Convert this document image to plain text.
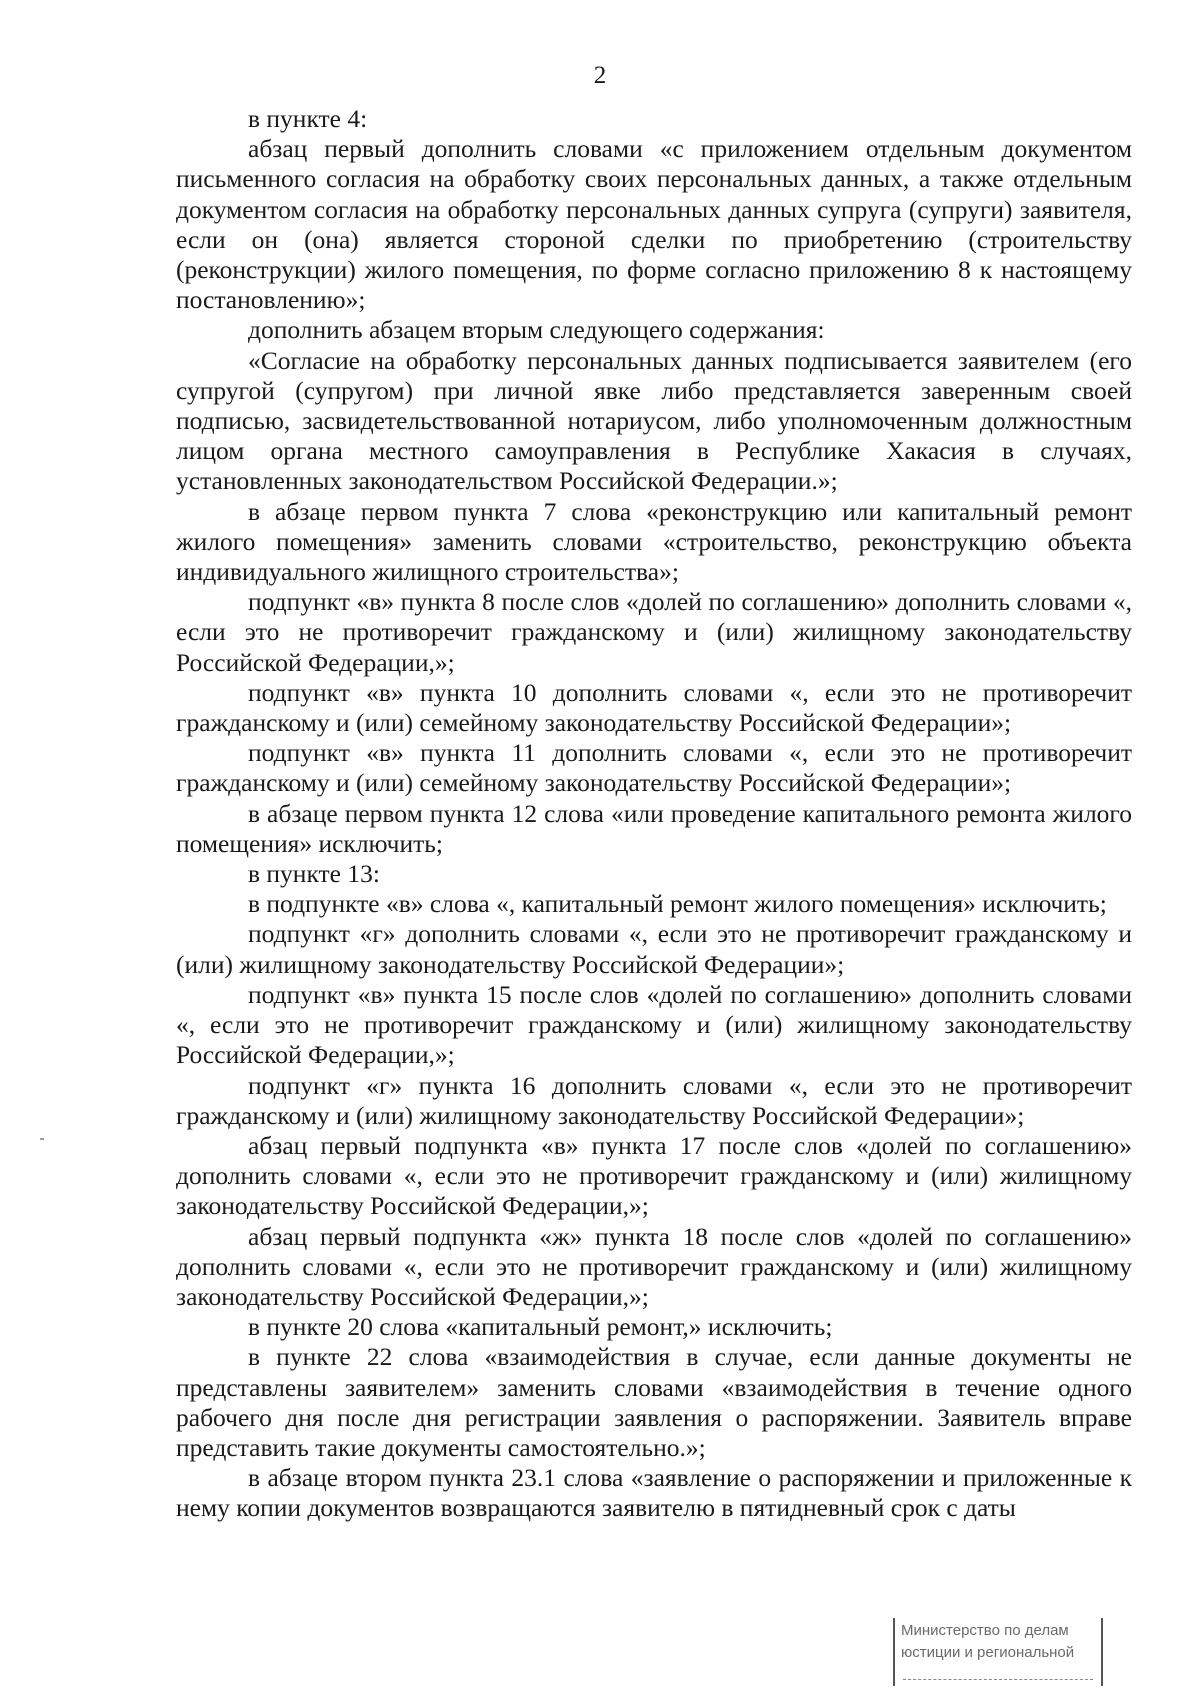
2

в пункте 4:

абзац первый дополнить словами «с приложением отдельным документом письменного согласия на обработку своих персональных данных, а также отдельным документом согласия на обработку персональных данных супруга (супруги) заявителя, если он (она) является стороной сделки по приобретению (строительству (реконструкции) жилого помещения, по форме согласно приложению 8 к настоящему постановлению»;

дополнить абзацем вторым следующего содержания:

«Согласие на обработку персональных данных подписывается заявителем (его супругой (супругом) при личной явке либо представляется заверенным своей подписью, засвидетельствованной нотариусом, либо уполномоченным должностным лицом органа местного самоуправления в Республике Хакасия в случаях, установленных законодательством Российской Федерации.»;

в абзаце первом пункта 7 слова «реконструкцию или капитальный ремонт жилого помещения» заменить словами «строительство, реконструкцию объекта индивидуального жилищного строительства»;

подпункт «в» пункта 8 после слов «долей по соглашению» дополнить словами «, если это не противоречит гражданскому и (или) жилищному законодательству Российской Федерации,»;

подпункт «в» пункта 10 дополнить словами «, если это не противоречит гражданскому и (или) семейному законодательству Российской Федерации»;

подпункт «в» пункта 11 дополнить словами «, если это не противоречит гражданскому и (или) семейному законодательству Российской Федерации»;

в абзаце первом пункта 12 слова «или проведение капитального ремонта жилого помещения» исключить;

в пункте 13:

в подпункте «в» слова «, капитальный ремонт жилого помещения» исключить;

подпункт «г» дополнить словами «, если это не противоречит гражданскому и (или) жилищному законодательству Российской Федерации»;

подпункт «в» пункта 15 после слов «долей по соглашению» дополнить словами «, если это не противоречит гражданскому и (или) жилищному законодательству Российской Федерации,»;

подпункт «г» пункта 16 дополнить словами «, если это не противоречит гражданскому и (или) жилищному законодательству Российской Федерации»;

абзац первый подпункта «в» пункта 17 после слов «долей по соглашению» дополнить словами «, если это не противоречит гражданскому и (или) жилищному законодательству Российской Федерации,»;

абзац первый подпункта «ж» пункта 18 после слов «долей по соглашению» дополнить словами «, если это не противоречит гражданскому и (или) жилищному законодательству Российской Федерации,»;

в пункте 20 слова «капитальный ремонт,» исключить;

в пункте 22 слова «взаимодействия в случае, если данные документы не представлены заявителем» заменить словами «взаимодействия в течение одного рабочего дня после дня регистрации заявления о распоряжении. Заявитель вправе представить такие документы самостоятельно.»;

в абзаце втором пункта 23.1 слова «заявление о распоряжении и приложенные к нему копии документов возвращаются заявителю в пятидневный срок с даты

Министерство по делам
юстиции и региональной
